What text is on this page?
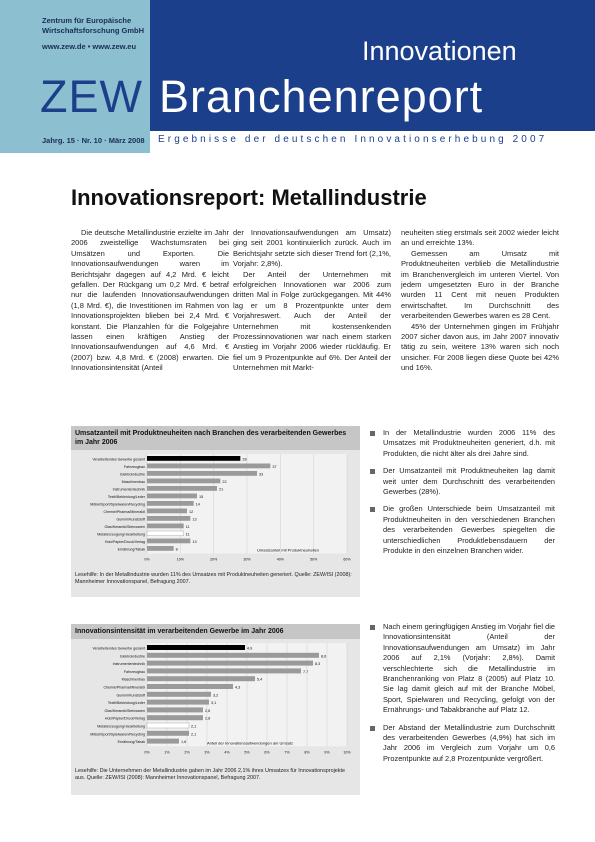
Zentrum für Europäische
Wirtschaftsforschung GmbH
www.zew.de • www.zew.eu
ZEW
Innovationen
Branchenreport
Jahrg. 15 · Nr. 10 · März 2008 Ergebnisse der deutschen Innovationserhebung 2007
Innovationsreport: Metallindustrie

Die deutsche Metallindustrie erzielte im Jahr 2006 zweistellige Wachstumsraten bei Umsätzen und Exporten. Die Innovationsaufwendungen waren im Berichtsjahr dagegen auf 4,2 Mrd. € leicht gefallen. Der Rückgang um 0,2 Mrd. € betraf nur die laufenden Innovationsaufwendungen (1,8 Mrd. €), die Investitionen im Rahmen von Innovationsprojekten blieben bei 2,4 Mrd. € konstant. Die Planzahlen für die Folgejahre lassen einen kräftigen Anstieg der Innovationsaufwendungen auf 4,6 Mrd. € (2007) bzw. 4,8 Mrd. € (2008) erwarten. Die Innovationsintensität (Anteil

der Innovationsaufwendungen am Umsatz) ging seit 2001 kontinuierlich zurück. Auch im Berichtsjahr setzte sich dieser Trend fort (2,1%, Vorjahr: 2,8%).

Der Anteil der Unternehmen mit erfolgreichen Innovationen war 2006 zum dritten Mal in Folge zurückgegangen. Mit 44% lag er um 8 Prozentpunkte unter dem Vorjahreswert. Auch der Anteil der Unternehmen mit kostensenkenden Prozessinnovationen war nach einem starken Anstieg im Vorjahr 2006 wieder rückläufig. Er fiel um 9 Prozentpunkte auf 6%. Der Anteil der Unternehmen mit Markt-

neuheiten stieg erstmals seit 2002 wieder leicht an und erreichte 13%.

Gemessen am Umsatz mit Produktneuheiten verblieb die Metallindustrie im Branchenvergleich im unteren Viertel. Von jedem umgesetzten Euro in der Branche wurden 11 Cent mit neuen Produkten erwirtschaftet. Im Durchschnitt des verarbeitenden Gewerbes waren es 28 Cent.

45% der Unternehmen gingen im Frühjahr 2007 sicher davon aus, im Jahr 2007 innovativ tätig zu sein, weitere 13% waren sich noch unsicher. Für 2008 liegen diese Quote bei 42% und 16%.

Umsatzanteil mit Produktneuheiten nach Branchen des verarbeitenden Gewerbes im Jahr 2006
Verarbeitendes Gewerbe gesamt	28
Fahrzeugbau	37
Elektroindustrie	33
Maschinenbau	22
Instrumententechnik	21
Textil/Bekleidung/Leder	15
Möbel/Sport/Spielwaren/Recycling	14
Chemie/Pharma/Mineralöl	12
Gummi/Kunststoff	13
Glas/Keramik/Steinwaren	11
Metallerzeugung/-bearbeitung	11
Holz/Papier/Druck/Verlag	13
Ernährung/Tabak	8
0%	10%	20%	30%	40%	50%	60%
Umsatzanteil mit Produktneuheiten
Lesehilfe: In der Metallindustrie wurden 11% des Umsatzes mit Produktneuheiten generiert. Quelle: ZEW/ISI (2008): Mannheimer Innovationspanel, Befragung 2007.
Innovationsintensität im verarbeitenden Gewerbe im Jahr 2006
Verarbeitendes Gewerbe gesamt	4,9
Elektroindustrie	8,6
Instrumententechnik	8,3
Fahrzeugbau	7,7
Maschinenbau	5,4
Chemie/Pharma/Mineralöl	4,3
Gummi/Kunststoff	3,2
Textil/Bekleidung/Leder	3,1
Glas/Keramik/Steinwaren	2,8
Holz/Papier/Druck/Verlag	2,8
Metallerzeugung/-bearbeitung	2,1
Möbel/Sport/Spielwaren/Recycling	2,1
Ernährung/Tabak	1,6
0%	1%	2%	3%	4%	5%	6%	7%	8%	9%	10%
Anteil der Innovationsaufwendungen am Umsatz
Lesehilfe: Die Unternehmen der Metallindustrie gaben im Jahr 2006 2,1% ihres Umsatzes für Innovationsprojekte aus. Quelle: ZEW/ISI (2008): Mannheimer Innovationspanel, Befragung 2007.
In der Metallindustrie wurden 2006 11% des Umsatzes mit Produktneuheiten generiert, d.h. mit Produkten, die nicht älter als drei Jahre sind.
Der Umsatzanteil mit Produktneuheiten lag damit weit unter dem Durchschnitt des verarbeitenden Gewerbes (28%).
Die großen Unterschiede beim Umsatzanteil mit Produktneuheiten in den verschiedenen Branchen des verarbeitenden Gewerbes spiegelten die unterschiedlichen Produktlebensdauern der Produkte in den einzelnen Branchen wider.
Nach einem geringfügigen Anstieg im Vorjahr fiel die Innovationsintensität (Anteil der Innovationsaufwendungen am Umsatz) im Jahr 2006 auf 2,1% (Vorjahr: 2,8%). Damit verschlechterte sich die Metallindustrie im Branchenranking von Platz 8 (2005) auf Platz 10. Sie lag damit gleich auf mit der Branche Möbel, Sport, Spielwaren und Recycling, gefolgt von der Ernährungs- und Tabakbranche auf Platz 12.
Der Abstand der Metallindustrie zum Durchschnitt des verarbeitenden Gewerbes (4,9%) hat sich im Jahr 2006 im Vergleich zum Vorjahr um 0,6 Prozentpunkte auf 2,8 Prozentpunkte vergrößert.
